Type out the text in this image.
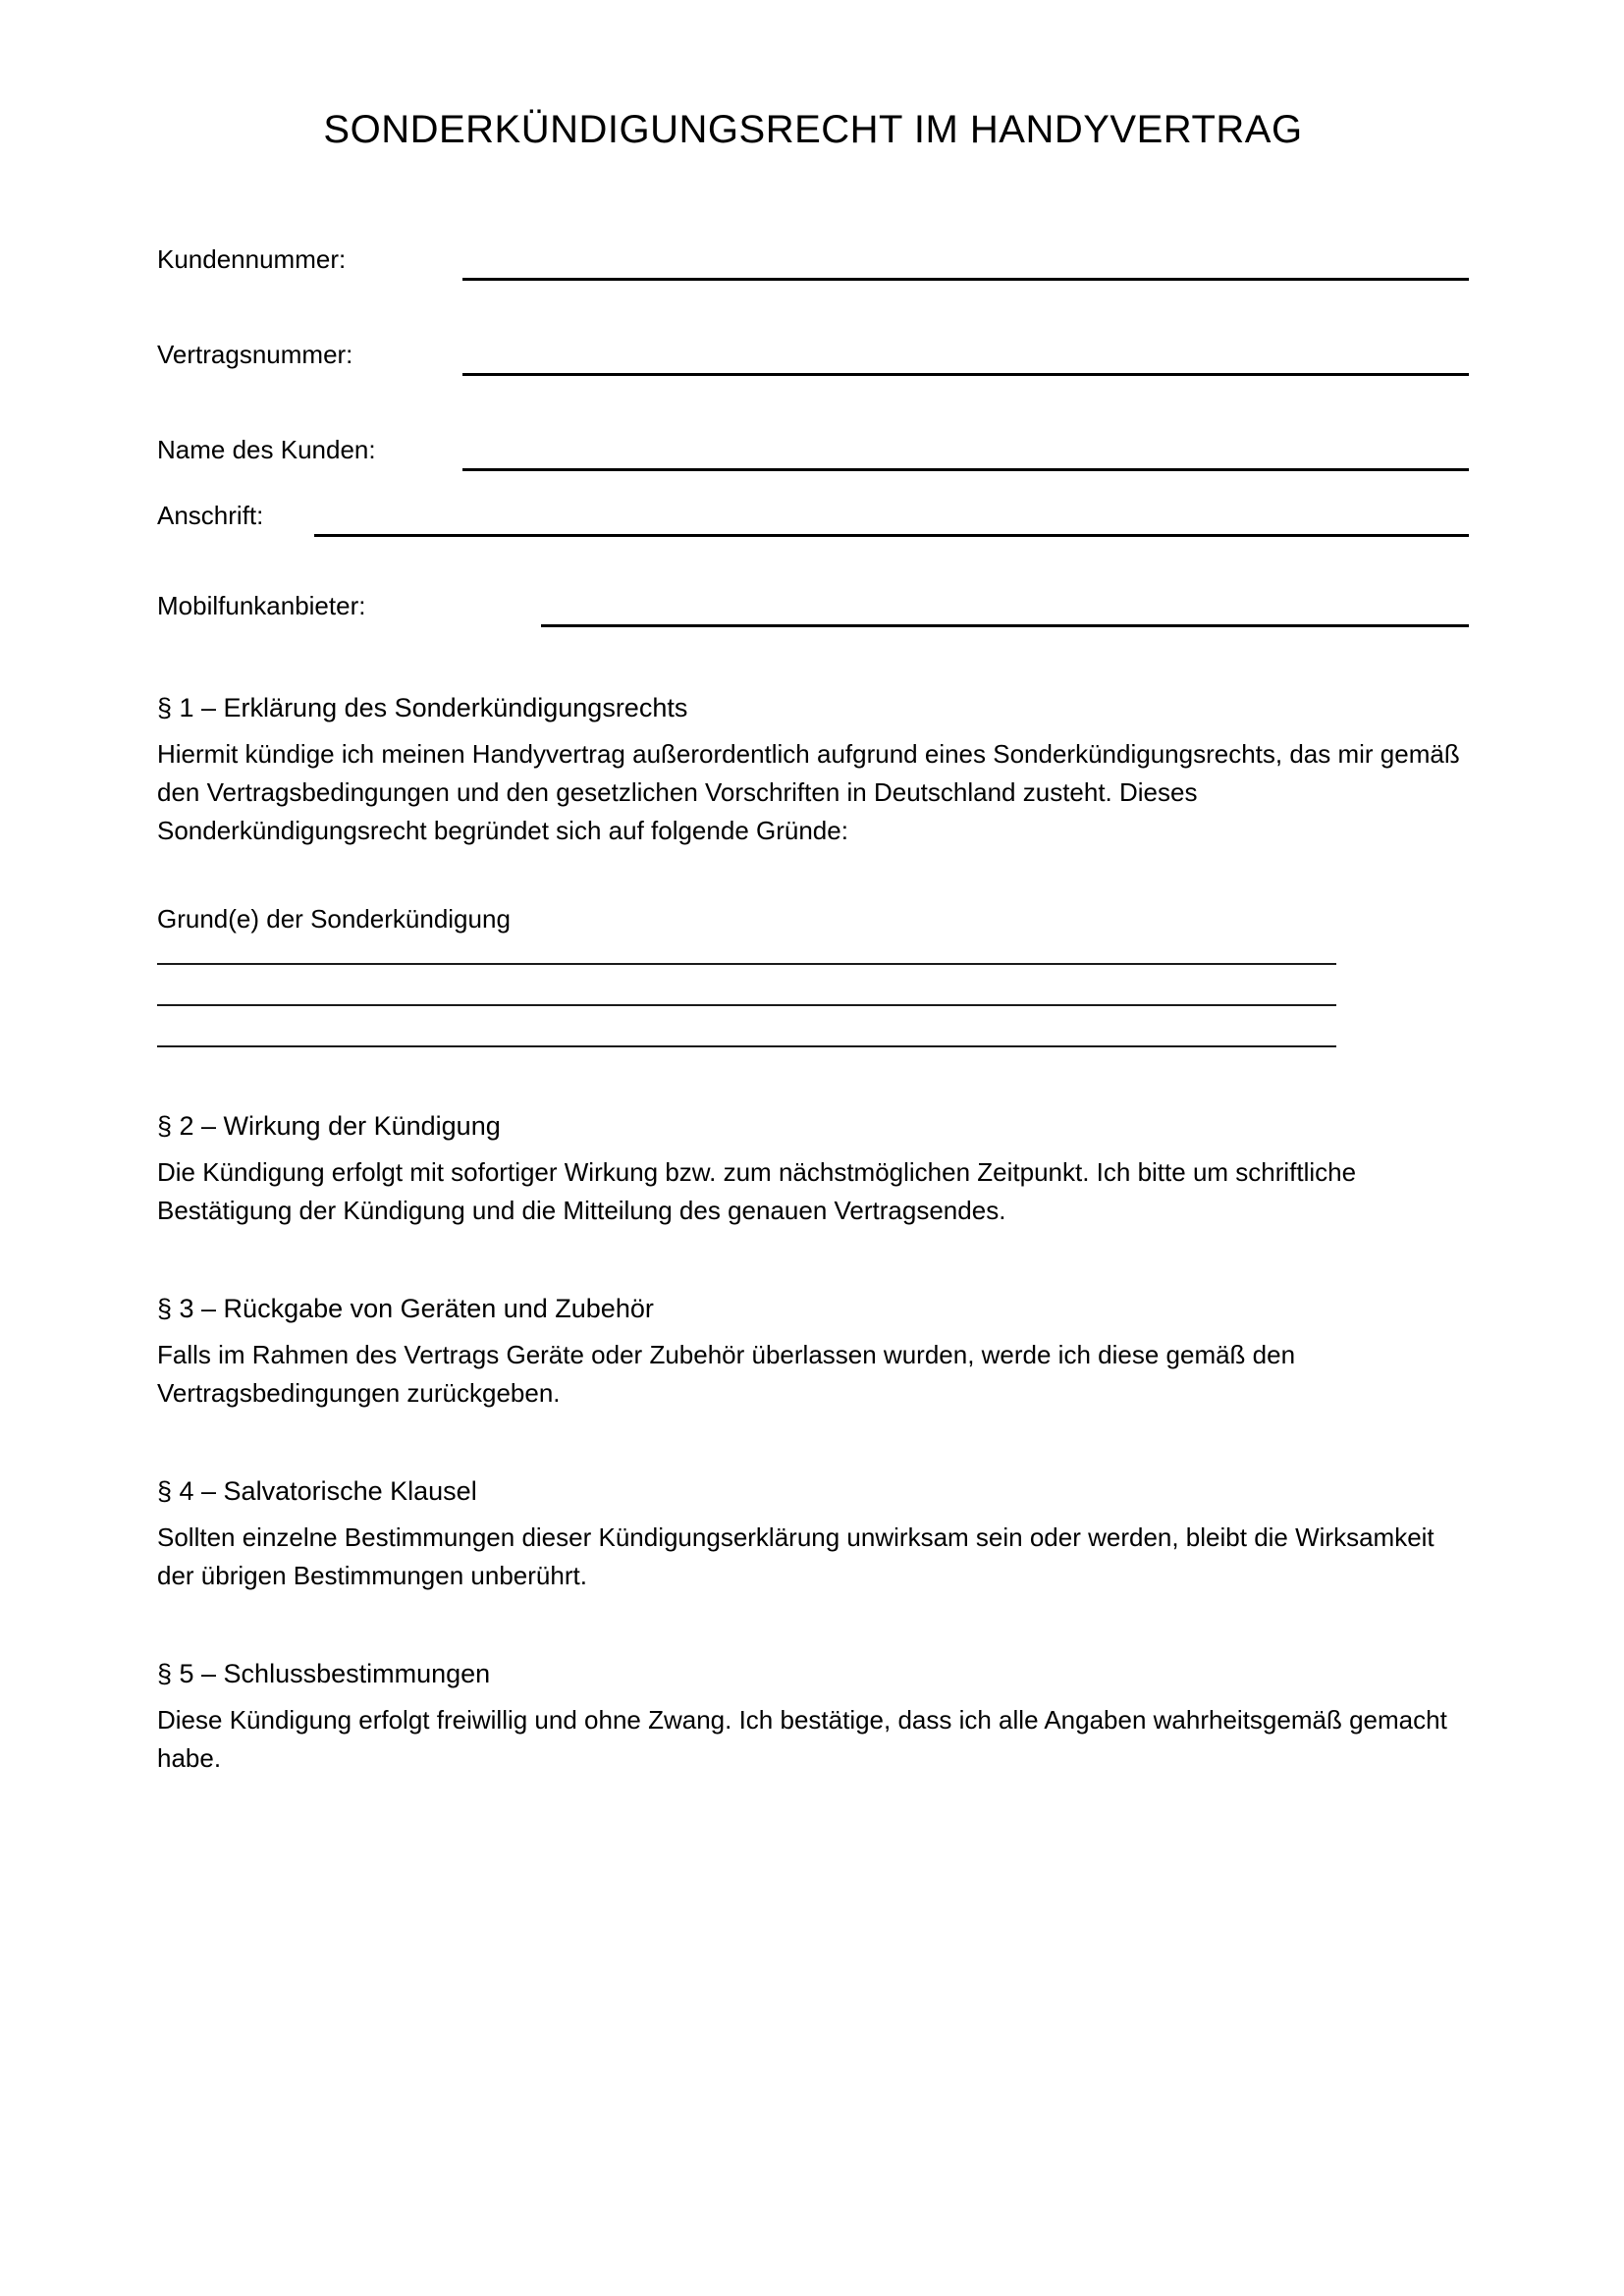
SONDERKÜNDIGUNGSRECHT IM HANDYVERTRAG
Kundennummer:
Vertragsnummer:
Name des Kunden:
Anschrift:
Mobilfunkanbieter:
§ 1 – Erklärung des Sonderkündigungsrechts

Hiermit kündige ich meinen Handyvertrag außerordentlich aufgrund eines Sonderkündigungsrechts, das mir gemäß den Vertragsbedingungen und den gesetzlichen Vorschriften in Deutschland zusteht. Dieses Sonderkündigungsrecht begründet sich auf folgende Gründe:

Grund(e) der Sonderkündigung

§ 2 – Wirkung der Kündigung

Die Kündigung erfolgt mit sofortiger Wirkung bzw. zum nächstmöglichen Zeitpunkt. Ich bitte um schriftliche Bestätigung der Kündigung und die Mitteilung des genauen Vertragsendes.

§ 3 – Rückgabe von Geräten und Zubehör

Falls im Rahmen des Vertrags Geräte oder Zubehör überlassen wurden, werde ich diese gemäß den Vertragsbedingungen zurückgeben.

§ 4 – Salvatorische Klausel

Sollten einzelne Bestimmungen dieser Kündigungserklärung unwirksam sein oder werden, bleibt die Wirksamkeit der übrigen Bestimmungen unberührt.

§ 5 – Schlussbestimmungen

Diese Kündigung erfolgt freiwillig und ohne Zwang. Ich bestätige, dass ich alle Angaben wahrheitsgemäß gemacht habe.
